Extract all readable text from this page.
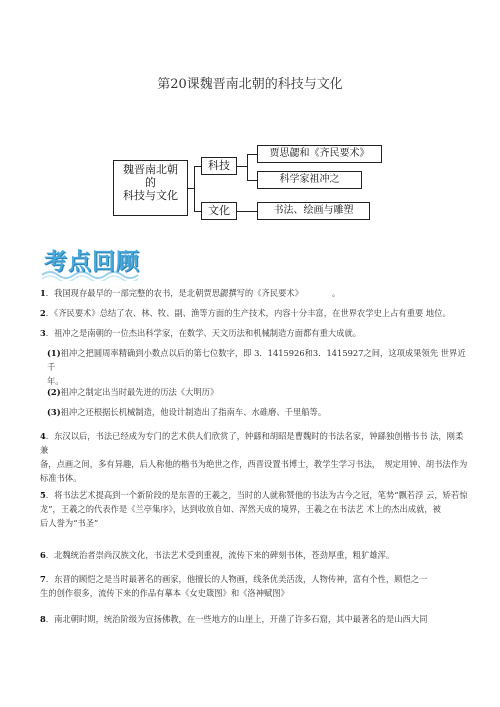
第20课魏晋南北朝的科技与文化
魏晋南北朝
的
科技与文化
科技
文化
贾思勰和《齐民要术》
科学家祖冲之
书法、绘画与雕塑
考点回顾
1．我国现存最早的一部完整的农书，是北朝贾思勰撰写的《齐民要术》　　　　。
2．《齐民要术》总结了农、林、牧、副、渔等方面的生产技术，内容十分丰富，在世界农学史上占有重要 地位。
3．祖冲之是南朝的一位杰出科学家，在数学、天文历法和机械制造方面都有重大成就。
(1)祖冲之把圆周率精确到小数点以后的第七位数字，即 3．1415926和3．1415927之间，这项成果领先 世界近千
年。
(2)祖冲之制定出当时最先进的历法《大明历》
(3)祖冲之还根据长机械制造，他设计制造出了指南车、水碓磨、千里船等。
4．东汉以后，书法已经成为专门的艺术供人们欣赏了，钟繇和胡昭是曹魏时的书法名家，钟繇独创楷书书 法，刚柔兼
备，点画之间，多有异趣，后人称他的楷书为绝世之作，西晋设置书博士，教学生学习书法，　规定用钟、胡书法作为
标准书体。
5．将书法艺术提高到一个新阶段的是东晋的王羲之，当时的人就称赞他的书法为古今之冠，笔势“飘若浮 云，矫若惊
龙”，王羲之的代表作是《兰亭集序》，达到收放自如、浑然天成的境界，王羲之在书法艺 术上的杰出成就，被
后人誉为“书圣”
6．北魏统治者崇尚汉族文化，书法艺术受到重视，流传下来的碑刻书体，苍劲厚重，粗犷雄浑。
7．东晋的顾恺之是当时最著名的画家，他擅长的人物画，线条优美活泼，人物传神，富有个性，顾恺之一
生的创作很多，流传下来的作品有摹本《女史箴图》和《洛神赋图》
8．南北朝时期，统治阶级为宣扬佛教，在一些地方的山崖上，开凿了许多石窟，其中最著名的是山西大同
